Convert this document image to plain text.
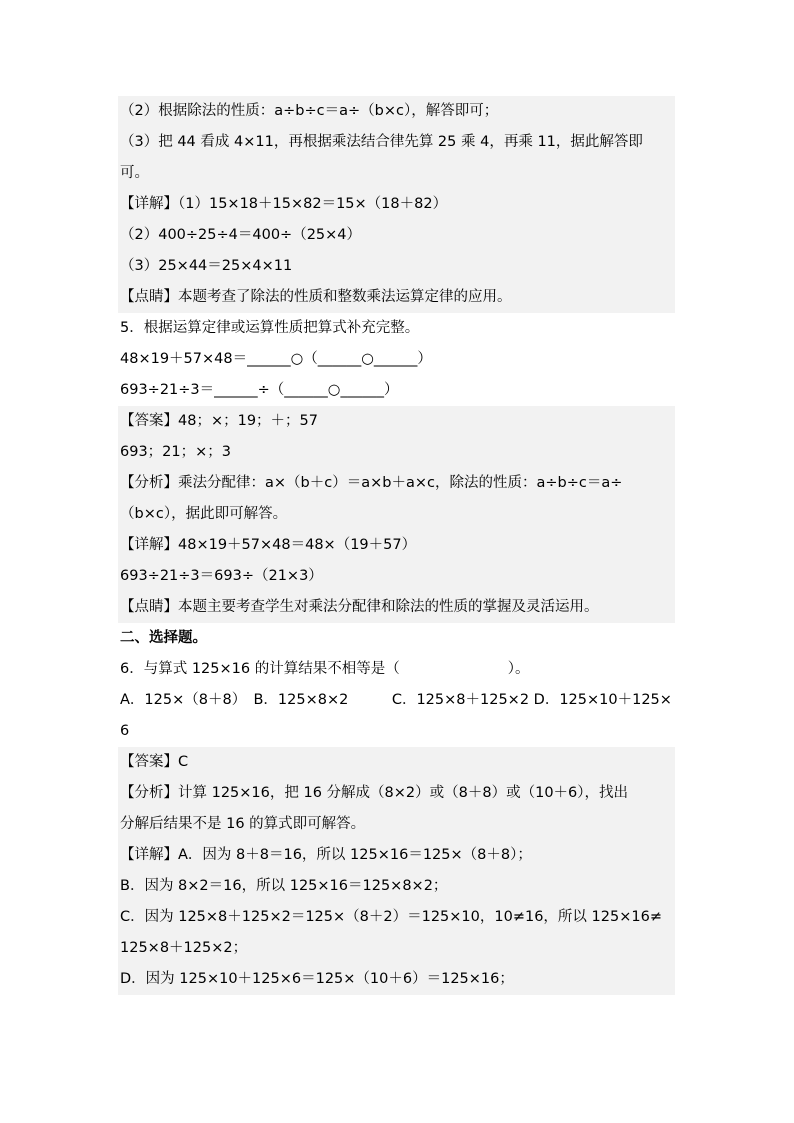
（2）根据除法的性质：a÷b÷c＝a÷（b×c），解答即可；
（3）把 44 看成 4×11，再根据乘法结合律先算 25 乘 4，再乘 11，据此解答即
可。
【详解】（1）15×18＋15×82＝15×（18＋82）
（2）400÷25÷4＝400÷（25×4）
（3）25×44＝25×4×11
【点睛】本题考查了除法的性质和整数乘法运算定律的应用。
5．根据运算定律或运算性质把算式补充完整。
48×19＋57×48＝______○（______○______）
693÷21÷3＝______÷（______○______）
【答案】48；×；19；＋；57
693；21；×；3
【分析】乘法分配律：a×（b＋c）＝a×b＋a×c，除法的性质：a÷b÷c＝a÷
（b×c），据此即可解答。
【详解】48×19＋57×48＝48×（19＋57）
693÷21÷3＝693÷（21×3）
【点睛】本题主要考查学生对乘法分配律和除法的性质的掌握及灵活运用。
二、选择题。
6．与算式 125×16 的计算结果不相等是（	）。
A．125×（8＋8）　B．125×8×2　　　C．125×8＋125×2 D．125×10＋125×
6
【答案】C
【分析】计算 125×16，把 16 分解成（8×2）或（8＋8）或（10＋6），找出
分解后结果不是 16 的算式即可解答。
【详解】A．因为 8＋8＝16，所以 125×16＝125×（8＋8）；
B．因为 8×2＝16，所以 125×16＝125×8×2；
C．因为 125×8＋125×2＝125×（8＋2）＝125×10，10≠16，所以 125×16≠
125×8＋125×2；
D．因为 125×10＋125×6＝125×（10＋6）＝125×16；
